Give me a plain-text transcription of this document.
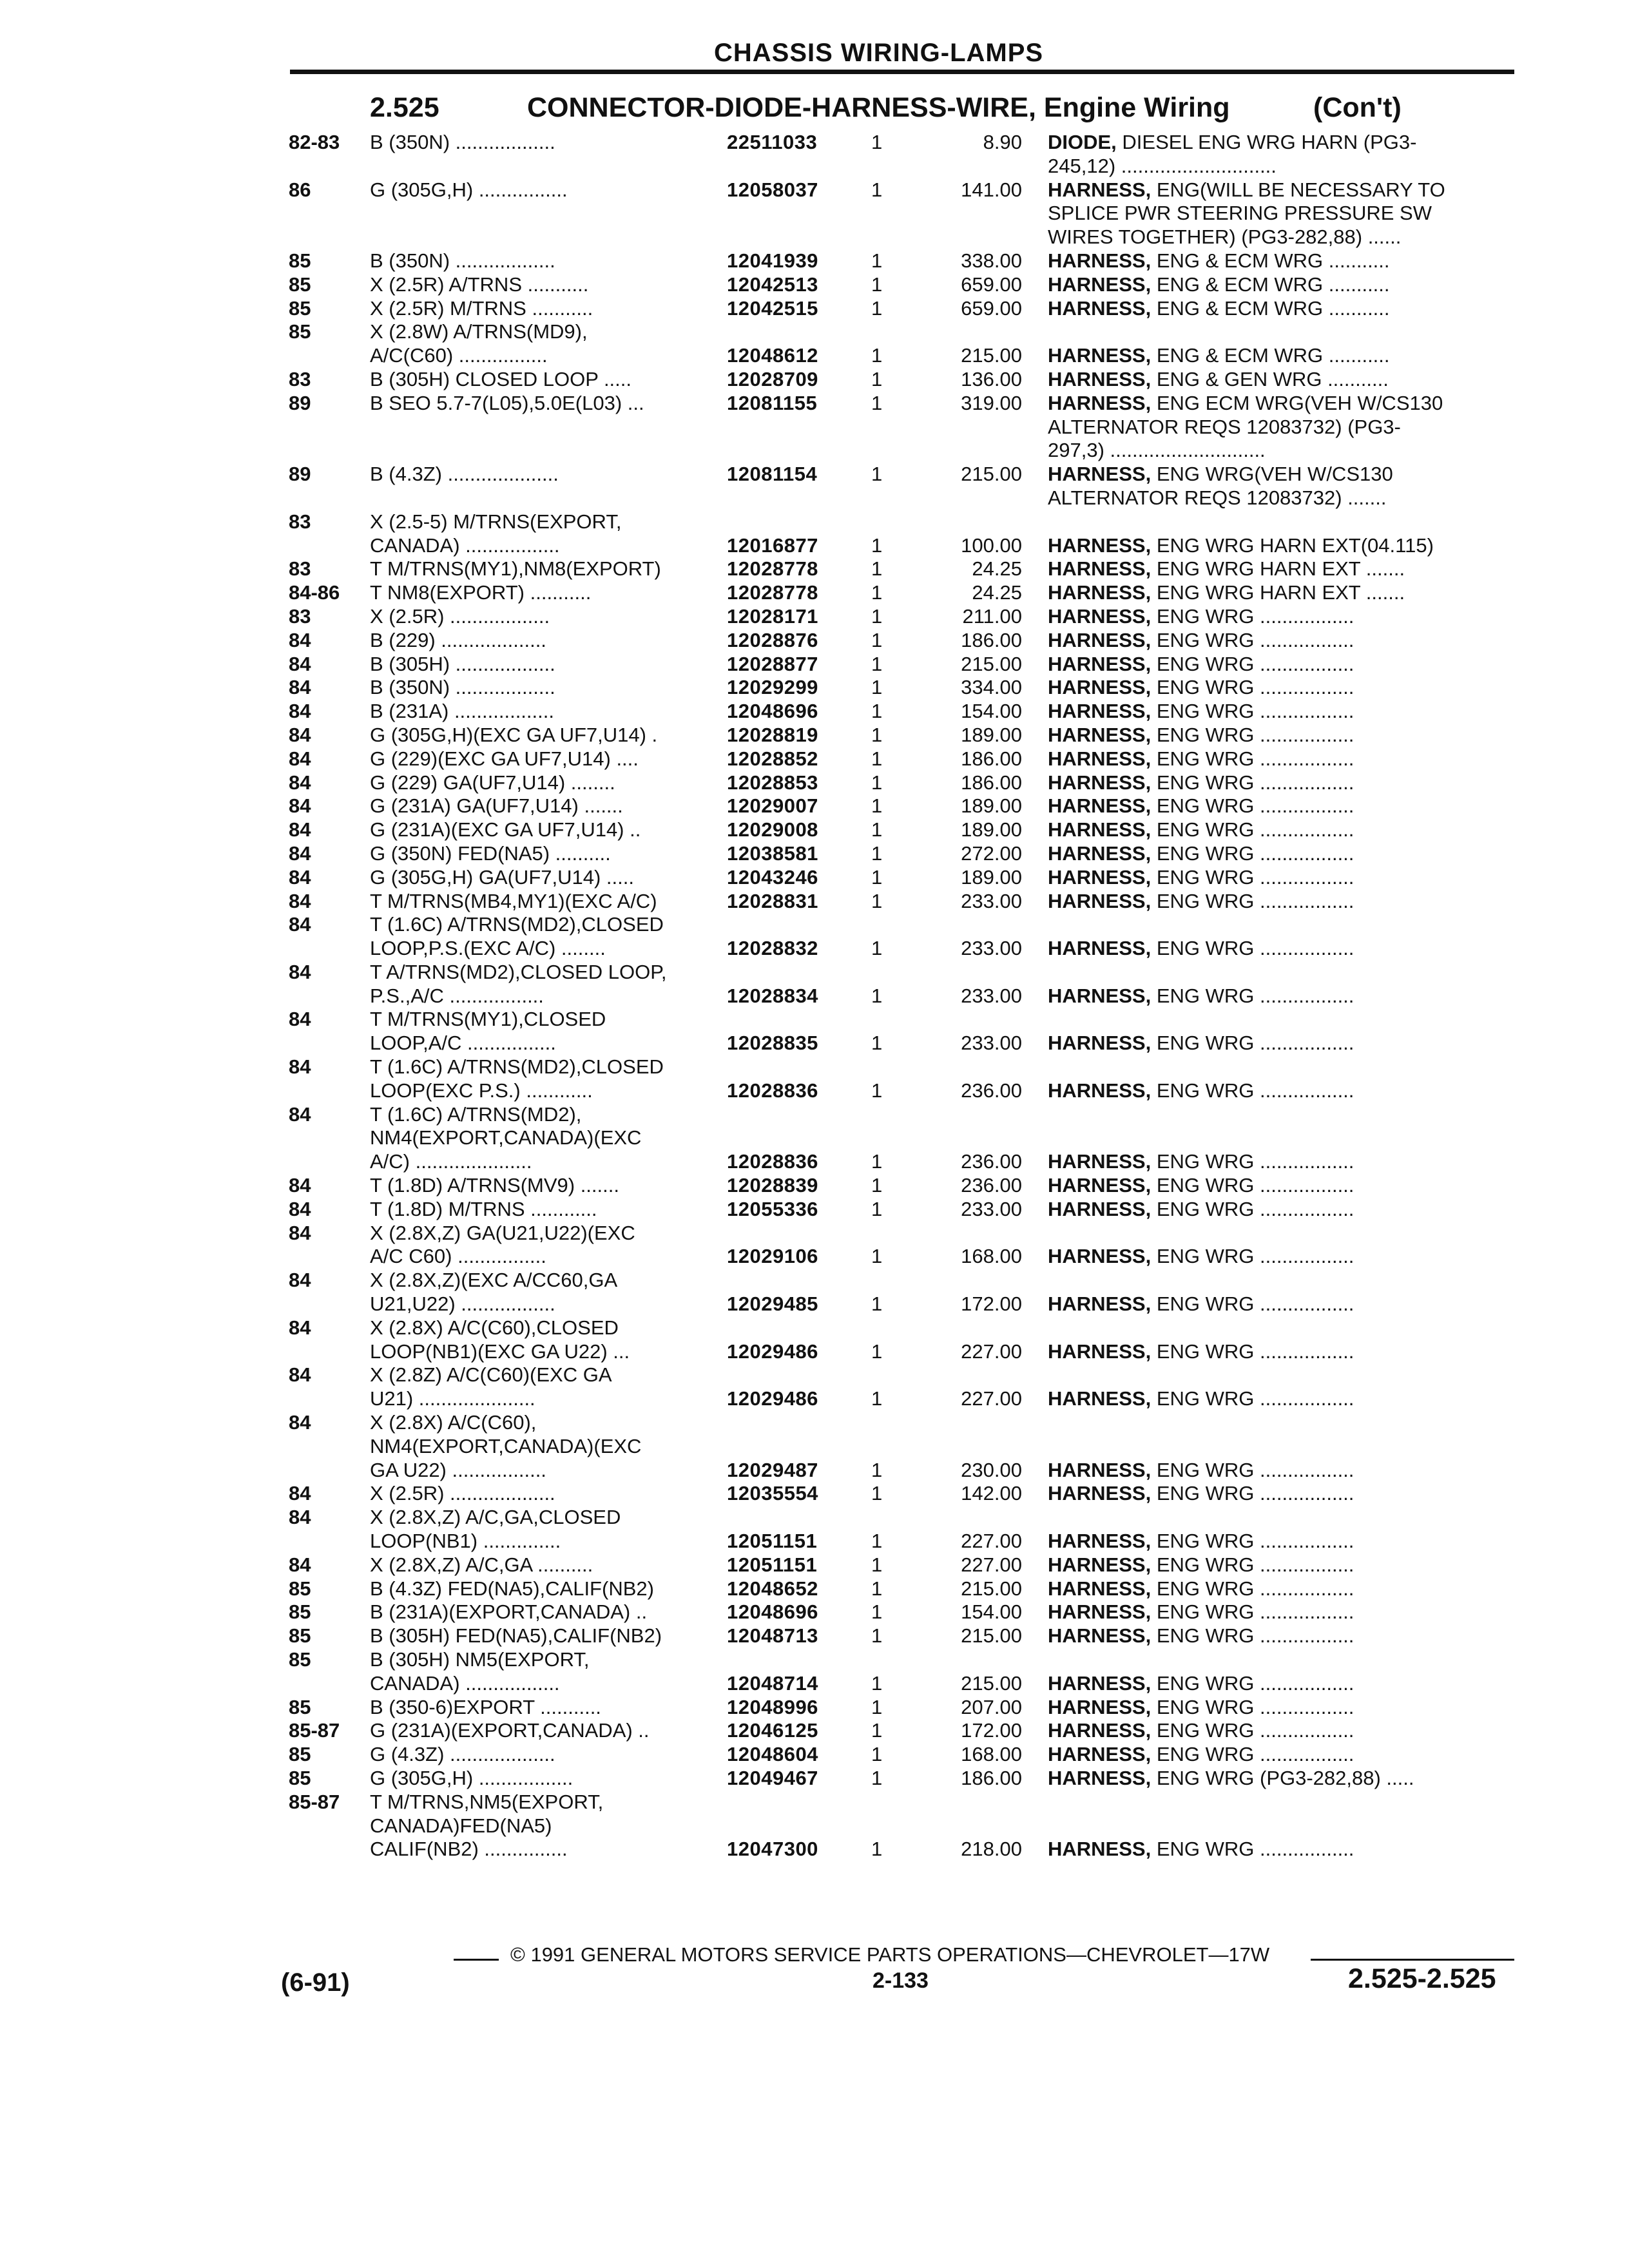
CHASSIS WIRING-LAMPS
2.525	CONNECTOR-DIODE-HARNESS-WIRE, Engine Wiring	(Con't)
82-83	B (350N) ..................	22511033	1	8.90 DIODE, DIESEL ENG WRG HARN (PG3-
245,12) ............................
86	G (305G,H) ................	12058037	1	141.00 HARNESS, ENG(WILL BE NECESSARY TO
SPLICE PWR STEERING PRESSURE SW
WIRES TOGETHER) (PG3-282,88) ......
85	B (350N) ..................	12041939	1	338.00 HARNESS, ENG & ECM WRG ...........
85	X (2.5R) A/TRNS ...........	12042513	1	659.00 HARNESS, ENG & ECM WRG ...........
85	X (2.5R) M/TRNS ...........	12042515	1	659.00 HARNESS, ENG & ECM WRG ...........
85	X (2.8W) A/TRNS(MD9),
A/C(C60) ................	12048612	1	215.00 HARNESS, ENG & ECM WRG ...........
83	B (305H) CLOSED LOOP .....	12028709	1	136.00 HARNESS, ENG & GEN WRG ...........
89	B SEO 5.7-7(L05),5.0E(L03) ...	12081155	1	319.00 HARNESS, ENG ECM WRG(VEH W/CS130
ALTERNATOR REQS 12083732) (PG3-
297,3) ............................
89	B (4.3Z) ....................	12081154	1	215.00 HARNESS, ENG WRG(VEH W/CS130
ALTERNATOR REQS 12083732) .......
83	X (2.5-5) M/TRNS(EXPORT,
CANADA) .................	12016877	1	100.00 HARNESS, ENG WRG HARN EXT(04.115)
83	T M/TRNS(MY1),NM8(EXPORT)	12028778	1	24.25 HARNESS, ENG WRG HARN EXT .......
84-86	T NM8(EXPORT) ...........	12028778	1	24.25 HARNESS, ENG WRG HARN EXT .......
83	X (2.5R) ..................	12028171	1	211.00 HARNESS, ENG WRG .................
84	B (229) ...................	12028876	1	186.00 HARNESS, ENG WRG .................
84	B (305H) ..................	12028877	1	215.00 HARNESS, ENG WRG .................
84	B (350N) ..................	12029299	1	334.00 HARNESS, ENG WRG .................
84	B (231A) ..................	12048696	1	154.00 HARNESS, ENG WRG .................
84	G (305G,H)(EXC GA UF7,U14) .	12028819	1	189.00 HARNESS, ENG WRG .................
84	G (229)(EXC GA UF7,U14) ....	12028852	1	186.00 HARNESS, ENG WRG .................
84	G (229) GA(UF7,U14) ........	12028853	1	186.00 HARNESS, ENG WRG .................
84	G (231A) GA(UF7,U14) .......	12029007	1	189.00 HARNESS, ENG WRG .................
84	G (231A)(EXC GA UF7,U14) ..	12029008	1	189.00 HARNESS, ENG WRG .................
84	G (350N) FED(NA5) ..........	12038581	1	272.00 HARNESS, ENG WRG .................
84	G (305G,H) GA(UF7,U14) .....	12043246	1	189.00 HARNESS, ENG WRG .................
84	T M/TRNS(MB4,MY1)(EXC A/C)	12028831	1	233.00 HARNESS, ENG WRG .................
84	T (1.6C) A/TRNS(MD2),CLOSED
LOOP,P.S.(EXC A/C) ........	12028832	1	233.00 HARNESS, ENG WRG .................
84	T A/TRNS(MD2),CLOSED LOOP,
P.S.,A/C .................	12028834	1	233.00 HARNESS, ENG WRG .................
84	T M/TRNS(MY1),CLOSED
LOOP,A/C ................	12028835	1	233.00 HARNESS, ENG WRG .................
84	T (1.6C) A/TRNS(MD2),CLOSED
LOOP(EXC P.S.) ............	12028836	1	236.00 HARNESS, ENG WRG .................
84	T (1.6C) A/TRNS(MD2),
NM4(EXPORT,CANADA)(EXC
A/C) .....................	12028836	1	236.00 HARNESS, ENG WRG .................
84	T (1.8D) A/TRNS(MV9) .......	12028839	1	236.00 HARNESS, ENG WRG .................
84	T (1.8D) M/TRNS ............	12055336	1	233.00 HARNESS, ENG WRG .................
84	X (2.8X,Z) GA(U21,U22)(EXC
A/C C60) ................	12029106	1	168.00 HARNESS, ENG WRG .................
84	X (2.8X,Z)(EXC A/CC60,GA
U21,U22) .................	12029485	1	172.00 HARNESS, ENG WRG .................
84	X (2.8X) A/C(C60),CLOSED
LOOP(NB1)(EXC GA U22) ...	12029486	1	227.00 HARNESS, ENG WRG .................
84	X (2.8Z) A/C(C60)(EXC GA
U21) .....................	12029486	1	227.00 HARNESS, ENG WRG .................
84	X (2.8X) A/C(C60),
NM4(EXPORT,CANADA)(EXC
GA U22) .................	12029487	1	230.00 HARNESS, ENG WRG .................
84	X (2.5R) ...................	12035554	1	142.00 HARNESS, ENG WRG .................
84	X (2.8X,Z) A/C,GA,CLOSED
LOOP(NB1) ..............	12051151	1	227.00 HARNESS, ENG WRG .................
84	X (2.8X,Z) A/C,GA ..........	12051151	1	227.00 HARNESS, ENG WRG .................
85	B (4.3Z) FED(NA5),CALIF(NB2)	12048652	1	215.00 HARNESS, ENG WRG .................
85	B (231A)(EXPORT,CANADA) ..	12048696	1	154.00 HARNESS, ENG WRG .................
85	B (305H) FED(NA5),CALIF(NB2)	12048713	1	215.00 HARNESS, ENG WRG .................
85	B (305H) NM5(EXPORT,
CANADA) .................	12048714	1	215.00 HARNESS, ENG WRG .................
85	B (350-6)EXPORT ...........	12048996	1	207.00 HARNESS, ENG WRG .................
85-87	G (231A)(EXPORT,CANADA) ..	12046125	1	172.00 HARNESS, ENG WRG .................
85	G (4.3Z) ...................	12048604	1	168.00 HARNESS, ENG WRG .................
85	G (305G,H) .................	12049467	1	186.00 HARNESS, ENG WRG (PG3-282,88) .....
85-87	T M/TRNS,NM5(EXPORT,
CANADA)FED(NA5)
CALIF(NB2) ...............	12047300	1	218.00 HARNESS, ENG WRG .................
© 1991 GENERAL MOTORS SERVICE PARTS OPERATIONS—CHEVROLET—17W
(6-91)	2-133	2.525-2.525
